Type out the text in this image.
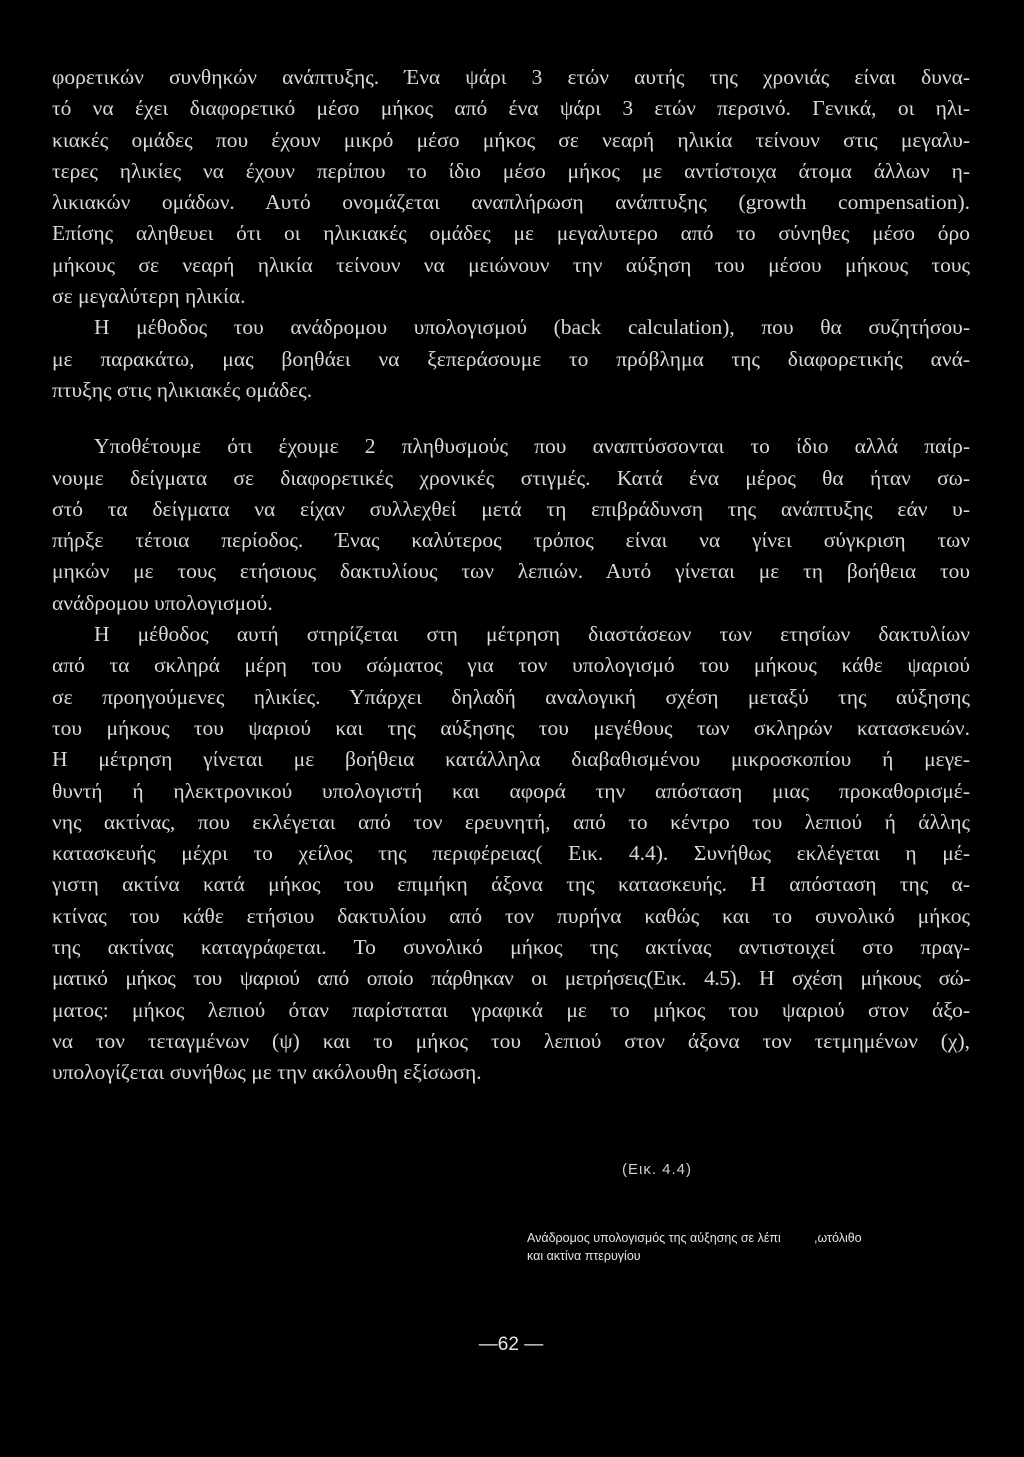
φορετικών συνθηκών ανάπτυξης. Ένα ψάρι 3 ετών αυτής της χρονιάς είναι δυνα-
τό να έχει διαφορετικό μέσο μήκος από ένα ψάρι 3 ετών περσινό. Γενικά, οι ηλι-
κιακές ομάδες που έχουν μικρό μέσο μήκος σε νεαρή ηλικία τείνουν στις μεγαλυ-
τερες ηλικίες να έχουν περίπου το ίδιο μέσο μήκος με αντίστοιχα άτομα άλλων η-
λικιακών ομάδων. Αυτό ονομάζεται αναπλήρωση ανάπτυξης (growth compensation).
Επίσης αληθευει ότι οι ηλικιακές ομάδες με μεγαλυτερο από το σύνηθες μέσο όρο
μήκους σε νεαρή ηλικία τείνουν να μειώνουν την αύξηση του μέσου μήκους τους
σε μεγαλύτερη ηλικία.

Η μέθοδος του ανάδρομου υπολογισμού (back calculation), που θα συζητήσου-
με παρακάτω, μας βοηθάει να ξεπεράσουμε το πρόβλημα της διαφορετικής ανά-
πτυξης στις ηλικιακές ομάδες.

Υποθέτουμε ότι έχουμε 2 πληθυσμούς που αναπτύσσονται το ίδιο αλλά παίρ-
νουμε δείγματα σε διαφορετικές χρονικές στιγμές. Κατά ένα μέρος θα ήταν σω-
στό τα δείγματα να είχαν συλλεχθεί μετά τη επιβράδυνση της ανάπτυξης εάν υ-
πήρξε τέτοια περίοδος. Ένας καλύτερος τρόπος είναι να γίνει σύγκριση των
μηκών με τους ετήσιους δακτυλίους των λεπιών. Αυτό γίνεται με τη βοήθεια του
ανάδρομου υπολογισμού.

Η μέθοδος αυτή στηρίζεται στη μέτρηση διαστάσεων των ετησίων δακτυλίων
από τα σκληρά μέρη του σώματος για τον υπολογισμό του μήκους κάθε ψαριού
σε προηγούμενες ηλικίες. Υπάρχει δηλαδή αναλογική σχέση μεταξύ της αύξησης
του μήκους του ψαριού και της αύξησης του μεγέθους των σκληρών κατασκευών.
Η μέτρηση γίνεται με βοήθεια κατάλληλα διαβαθισμένου μικροσκοπίου ή μεγε-
θυντή ή ηλεκτρονικού υπολογιστή και αφορά την απόσταση μιας προκαθορισμέ-
νης ακτίνας, που εκλέγεται από τον ερευνητή, από το κέντρο του λεπιού ή άλλης
κατασκευής μέχρι το χείλος της περιφέρειας( Εικ. 4.4). Συνήθως εκλέγεται η μέ-
γιστη ακτίνα κατά μήκος του επιμήκη άξονα της κατασκευής. Η απόσταση της α-
κτίνας του κάθε ετήσιου δακτυλίου από τον πυρήνα καθώς και το συνολικό μήκος
της ακτίνας καταγράφεται. Το συνολικό μήκος της ακτίνας αντιστοιχεί στο πραγ-
ματικό μήκος του ψαριού από οποίο πάρθηκαν οι μετρήσεις(Εικ. 4.5). Η σχέση μήκους σώ-
ματος: μήκος λεπιού όταν παρίσταται γραφικά με το μήκος του ψαριού στον άξο-
να τον τεταγμένων (ψ) και το μήκος του λεπιού στον άξονα τον τετμημένων (χ),
υπολογίζεται συνήθως με την ακόλουθη εξίσωση.

(Εικ. 4.4)
Ανάδρομος υπολογισμός της αύξησης σε λέπι	,ωτόλιθο
και ακτίνα πτερυγίου
—62 —
